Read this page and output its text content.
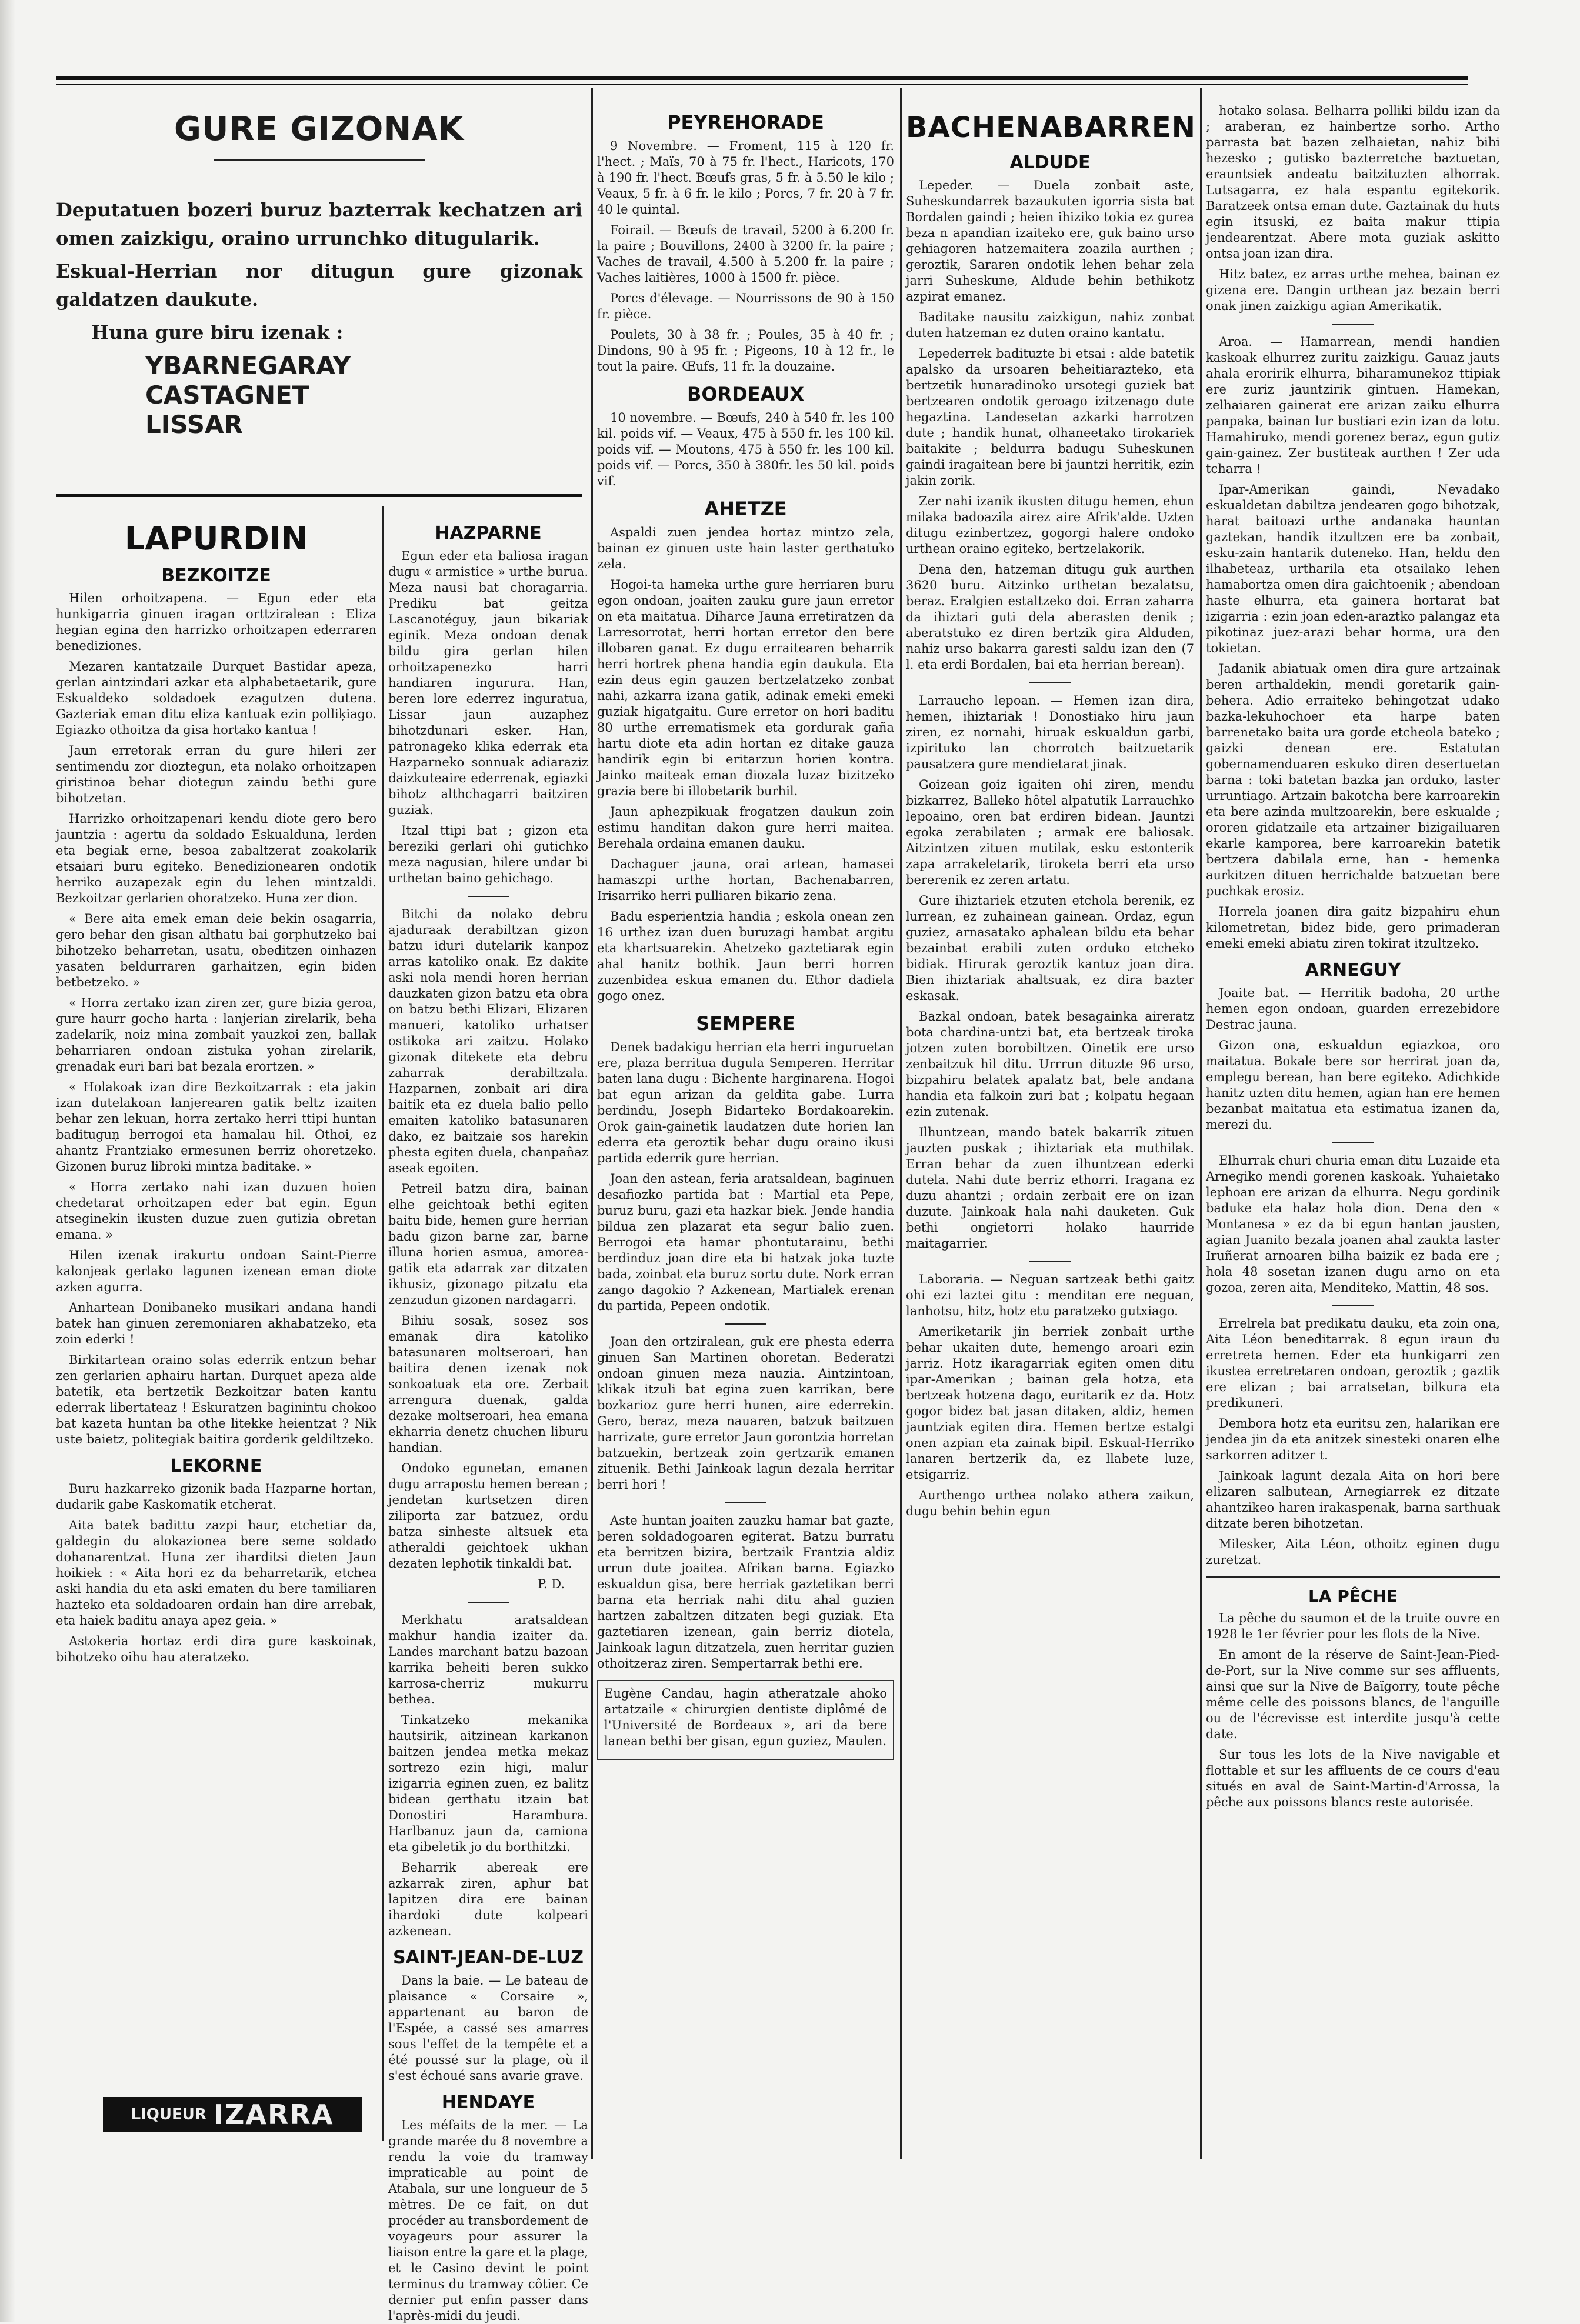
GURE GIZONAK

Deputatuen bozeri buruz bazterrak kechatzen ari omen zaizkigu, oraino urrunchko ditugularik.

Eskual-Herrian nor ditugun gure gizonak galdatzen daukute.

Huna gure biru izenak :

YBARNEGARAY

CASTAGNET

LISSAR

LAPURDIN
BEZKOITZE

Hilen orhoitzapena. — Egun eder eta hunkigarria ginuen iragan orttziralean : Eliza hegian egina den harrizko orhoitzapen ederraren benediziones.

Mezaren kantatzaile Durquet Bastidar apeza, gerlan aintzindari azkar eta alphabetaetarik, gure Eskualdeko soldadoek ezagutzen dutena. Gazteriak eman ditu eliza kantuak ezin polliķiago. Egiazko othoitza da gisa hortako kantua !

Jaun erretorak erran du gure hileri zer sentimendu zor dioztegun, eta nolako orhoitzapen giristinoa behar diotegun zaindu bethi gure bihotzetan.

Harrizko orhoitzapenari kendu diote gero bero jauntzia : agertu da soldado Eskualduna, lerden eta begiak erne, besoa zabaltzerat zoakolarik etsaiari buru egiteko. Benedizionearen ondotik herriko auzapezak egin du lehen mintzaldi. Bezkoitzar gerlarien ohoratzeko. Huna zer dion.

« Bere aita emek eman deie bekin osagarria, gero behar den gisan althatu bai gorphutzeko bai bihotzeko beharretan, usatu, obeditzen oinhazen yasaten beldurraren garhaitzen, egin biden betbetzeko. »

« Horra zertako izan ziren zer, gure bizia geroa, gure haurr gocho harta : lanjerian zirelarik, beha zadelarik, noiz mina zombait yauzkoi zen, ballak beharriaren ondoan zistuka yohan zirelarik, grenadak euri bari bat bezala erortzen. »

« Holakoak izan dire Bezkoitzarrak : eta jakin izan dutelakoan lanjerearen gatik beltz izaiten behar zen lekuan, horra zertako herri ttipi huntan badituguṇ berrogoi eta hamalau hil. Othoi, ez ahantz Frantziako ermesunen berriz ohoretzeko. Gizonen buruz libroki mintza baditake. »

« Horra zertako nahi izan duzuen hoien chedetarat orhoitzapen eder bat egin. Egun atseginekin ikusten duzue zuen gutizia obretan emana. »

Hilen izenak irakurtu ondoan Saint-Pierre kalonjeak gerlako lagunen izenean eman diote azken agurra.

Anhartean Donibaneko musikari andana handi batek han ginuen zeremoniaren akhabatzeko, eta zoin ederki !

Birkitartean oraino solas ederrik entzun behar zen gerlarien aphairu hartan. Durquet apeza alde batetik, eta bertzetik Bezkoitzar baten kantu ederrak libertateaz ! Eskuratzen baginintu chokoo bat kazeta huntan ba othe litekke heientzat ? Nik uste baietz, politegiak baitira gorderik geldiltzeko.

LEKORNE

Buru hazkarreko gizonik bada Hazparne hortan, dudarik gabe Kaskomatik etcherat.

Aita batek badittu zazpi haur, etchetiar da, galdegin du alokazionea bere seme soldado dohanarentzat. Huna zer iharditsi dieten Jaun hoikiek : « Aita hori ez da beharretarik, etchea aski handia du eta aski ematen du bere tamiliaren hazteko eta soldadoaren ordain han dire arrebak, eta haiek baditu anaya apez geia. »

Astokeria hortaz erdi dira gure kaskoinak, bihotzeko oihu hau ateratzeko.

LIQUEUR IZARRA
HAZPARNE

Egun eder eta baliosa iragan dugu « armistice » urthe burua. Meza nausi bat choragarria. Prediku bat geitza Lascanotéguy, jaun bikariak eginik. Meza ondoan denak bildu gira gerlan hilen orhoitzapenezko harri handiaren ingurura. Han, beren lore ederrez inguratua, Lissar jaun auzaphez bihotzdunari esker. Han, patronageko klika ederrak eta Hazparneko sonnuak adiaraziz daizkuteaire ederrenak, egiazki bihotz althchagarri baitziren guziak.

Itzal ttipi bat ; gizon eta bereziki gerlari ohi gutichko meza nagusian, hilere undar bi urthetan baino gehichago.

Bitchi da nolako debru ajaduraak derabiltzan gizon batzu iduri dutelarik kanpoz arras katoliko onak. Ez dakite aski nola mendi horen herrian dauzkaten gizon batzu eta obra on batzu bethi Elizari, Elizaren manueri, katoliko urhatser ostikoka ari zaitzu. Holako gizonak ditekete eta debru zaharrak derabiltzala. Hazparnen, zonbait ari dira baitik eta ez duela balio pello emaiten katoliko batasunaren dako, ez baitzaie sos harekin phesta egiten duela, chanpañaz aseak egoiten.

Petreil batzu dira, bainan elhe geichtoak bethi egiten baitu bide, hemen gure herrian badu gizon barne zar, barne illuna horien asmua, amorea-gatik eta adarrak zar ditzaten ikhusiz, gizonago pitzatu eta zenzudun gizonen nardagarri.

Bihiu sosak, sosez sos emanak dira katoliko batasunaren moltseroari, han baitira denen izenak nok sonkoatuak eta ore. Zerbait arrengura duenak, galda dezake moltseroari, hea emana ekharria denetz chuchen liburu handian.

Ondoko egunetan, emanen dugu arrapostu hemen berean ; jendetan kurtsetzen diren ziliporta zar batzuez, ordu batza sinheste altsuek eta atheraldi geichtoek ukhan dezaten lephotik tinkaldi bat.

P. D.

Merkhatu aratsaldean makhur handia izaiter da. Landes marchant batzu bazoan karrika beheiti beren sukko karrosa-cherriz mukurru bethea.

Tinkatzeko mekanika hautsirik, aitzinean karkanon baitzen jendea metka mekaz sortrezo ezin higi, malur izigarria eginen zuen, ez balitz bidean gerthatu itzain bat Donostiri Harambura. Harlbanuz jaun da, camiona eta gibeletik jo du borthitzki.

Beharrik abereak ere azkarrak ziren, aphur bat lapitzen dira ere bainan ihardoki dute kolpeari azkenean.

SAINT-JEAN-DE-LUZ

Dans la baie. — Le bateau de plaisance « Corsaire », appartenant au baron de l'Espée, a cassé ses amarres sous l'effet de la tempête et a été poussé sur la plage, où il s'est échoué sans avarie grave.

HENDAYE

Les méfaits de la mer. — La grande marée du 8 novembre a rendu la voie du tramway impraticable au point de Atabala, sur une longueur de 5 mètres. De ce fait, on dut procéder au transbordement de voyageurs pour assurer la liaison entre la gare et la plage, et le Casino devint le point terminus du tramway côtier. Ce dernier put enfin passer dans l'après-midi du jeudi.

PEYREHORADE

9 Novembre. — Froment, 115 à 120 fr. l'hect. ; Maïs, 70 à 75 fr. l'hect., Haricots, 170 à 190 fr. l'hect. Bœufs gras, 5 fr. à 5.50 le kilo ; Veaux, 5 fr. à 6 fr. le kilo ; Porcs, 7 fr. 20 à 7 fr. 40 le quintal.

Foirail. — Bœufs de travail, 5200 à 6.200 fr. la paire ; Bouvillons, 2400 à 3200 fr. la paire ; Vaches de travail, 4.500 à 5.200 fr. la paire ; Vaches laitières, 1000 à 1500 fr. pièce.

Porcs d'élevage. — Nourrissons de 90 à 150 fr. pièce.

Poulets, 30 à 38 fr. ; Poules, 35 à 40 fr. ; Dindons, 90 à 95 fr. ; Pigeons, 10 à 12 fr., le tout la paire. Œufs, 11 fr. la douzaine.

BORDEAUX

10 novembre. — Bœufs, 240 à 540 fr. les 100 kil. poids vif. — Veaux, 475 à 550 fr. les 100 kil. poids vif. — Moutons, 475 à 550 fr. les 100 kil. poids vif. — Porcs, 350 à 380fr. les 50 kil. poids vif.

AHETZE

Aspaldi zuen jendea hortaz mintzo zela, bainan ez ginuen uste hain laster gerthatuko zela.

Hogoi-ta hameka urthe gure herriaren buru egon ondoan, joaiten zauku gure jaun erretor on eta maitatua. Diharce Jauna erretiratzen da Larresorrotat, herri hortan erretor den bere illobaren ganat. Ez dugu erraitearen beharrik herri hortrek phena handia egin daukula. Eta ezin deus egin gauzen bertzelatzeko zonbat nahi, azkarra izana gatik, adinak emeki emeki guziak higatgaitu. Gure erretor on hori baditu 80 urthe errematismek eta gordurak gaña hartu diote eta adin hortan ez ditake gauza handirik egin bi eritarzun horien kontra. Jainko maiteak eman diozala luzaz bizitzeko grazia bere bi illobetarik burhil.

Jaun aphezpikuak frogatzen daukun zoin estimu handitan dakon gure herri maitea. Berehala ordaina emanen dauku.

Dachaguer jauna, orai artean, hamasei hamaszpi urthe hortan, Bachenabarren, Irisarriko herri pulliaren bikario zena.

Badu esperientzia handia ; eskola onean zen 16 urthez izan duen buruzagi hambat argitu eta khartsuarekin. Ahetzeko gaztetiarak egin ahal hanitz bothik. Jaun berri horren zuzenbidea eskua emanen du. Ethor dadiela gogo onez.

SEMPERE

Denek badakigu herrian eta herri inguruetan ere, plaza berritua dugula Semperen. Herritar baten lana dugu : Bichente harginarena. Hogoi bat egun arizan da geldita gabe. Lurra berdindu, Joseph Bidarteko Bordakoarekin. Orok gain-gainetik laudatzen dute horien lan ederra eta geroztik behar dugu oraino ikusi partida ederrik gure herrian.

Joan den astean, feria aratsaldean, baginuen desafiozko partida bat : Martial eta Pepe, buruz buru, gazi eta hazkar biek. Jende handia bildua zen plazarat eta segur balio zuen. Berrogoi eta hamar phontutarainu, bethi berdinduz joan dire eta bi hatzak joka tuzte bada, zoinbat eta buruz sortu dute. Nork erran zango dagokio ? Azkenean, Martialek erenan du partida, Pepeen ondotik.

Joan den ortziralean, guk ere phesta ederra ginuen San Martinen ohoretan. Bederatzi ondoan ginuen meza nauzia. Aintzintoan, klikak itzuli bat egina zuen karrikan, bere bozkarioz gure herri hunen, aire ederrekin. Gero, beraz, meza nauaren, batzuk baitzuen harrizate, gure erretor Jaun gorontzia horretan batzuekin, bertzeak zoin gertzarik emanen zituenik. Bethi Jainkoak lagun dezala herritar berri hori !

Aste huntan joaiten zauzku hamar bat gazte, beren soldadogoaren egiterat. Batzu burratu eta berritzen bizira, bertzaik Frantzia aldiz urrun dute joaitea. Afrikan barna. Egiazko eskualdun gisa, bere herriak gaztetikan berri barna eta herriak nahi ditu ahal guzien hartzen zabaltzen ditzaten begi guziak. Eta gaztetiaren izenean, gain berriz diotela, Jainkoak lagun ditzatzela, zuen herritar guzien othoitzeraz ziren. Sempertarrak bethi ere.

Eugène Candau, hagin atheratzale ahoko artatzaile « chirurgien dentiste diplômé de l'Université de Bordeaux », ari da bere lanean bethi ber gisan, egun guziez, Maulen.

BACHENABARREN
ALDUDE

Lepeder. — Duela zonbait aste, Suheskundarrek bazaukuten igorria sista bat Bordalen gaindi ; heien ihiziko tokia ez gurea beza n apandian izaiteko ere, guk baino urso gehiagoren hatzemaitera zoazila aurthen ; geroztik, Sararen ondotik lehen behar zela jarri Suheskune, Aldude behin bethikotz azpirat emanez.

Baditake nausitu zaizkigun, nahiz zonbat duten hatzeman ez duten oraino kantatu.

Lepederrek badituzte bi etsai : alde batetik apalsko da ursoaren beheitiarazteko, eta bertzetik hunaradinoko ursotegi guziek bat bertzearen ondotik geroago izitzenago dute hegaztina. Landesetan azkarki harrotzen dute ; handik hunat, olhaneetako tirokariek baitakite ; beldurra badugu Suheskunen gaindi iragaitean bere bi jauntzi herritik, ezin jakin zorik.

Zer nahi izanik ikusten ditugu hemen, ehun milaka badoazila airez aire Afrik'alde. Uzten ditugu ezinbertzez, gogorgi halere ondoko urthean oraino egiteko, bertzelakorik.

Dena den, hatzeman ditugu guk aurthen 3620 buru. Aitzinko urthetan bezalatsu, beraz. Eralgien estaltzeko doi. Erran zaharra da ihiztari guti dela aberasten denik ; aberatstuko ez diren bertzik gira Alduden, nahiz urso bakarra garesti saldu izan den (7 l. eta erdi Bordalen, bai eta herrian berean).

Larraucho lepoan. — Hemen izan dira, hemen, ihiztariak ! Donostiako hiru jaun ziren, ez nornahi, hiruak eskualdun garbi, izpirituko lan chorrotch baitzuetarik pausatzera gure mendietarat jinak.

Goizean goiz igaiten ohi ziren, mendu bizkarrez, Balleko hôtel alpatutik Larrauchko lepoaino, oren bat erdiren bidean. Jauntzi egoka zerabilaten ; armak ere baliosak. Aitzintzen zituen mutilak, esku estonterik zapa arrakeletarik, tiroketa berri eta urso bererenik ez zeren artatu.

Gure ihiztariek etzuten etchola berenik, ez lurrean, ez zuhainean gainean. Ordaz, egun guziez, arnasatako aphalean bildu eta behar bezainbat erabili zuten orduko etcheko bidiak. Hirurak geroztik kantuz joan dira. Bien ihiztariak ahaltsuak, ez dira bazter eskasak.

Bazkal ondoan, batek besagainka aireratz bota chardina-untzi bat, eta bertzeak tiroka jotzen zuten borobiltzen. Oinetik ere urso zenbaitzuk hil ditu. Urrrun dituzte 96 urso, bizpahiru belatek apalatz bat, bele andana handia eta falkoin zuri bat ; kolpatu hegaan ezin zutenak.

Ilhuntzean, mando batek bakarrik zituen jauzten puskak ; ihiztariak eta muthilak. Erran behar da zuen ilhuntzean ederki dutela. Nahi dute berriz ethorri. Iragana ez duzu ahantzi ; ordain zerbait ere on izan duzute. Jainkoak hala nahi dauketen. Guk bethi ongietorri holako haurride maitagarrier.

Laboraria. — Neguan sartzeak bethi gaitz ohi ezi laztei gitu : menditan ere neguan, lanhotsu, hitz, hotz etu paratzeko gutxiago.

Ameriketarik jin berriek zonbait urthe behar ukaiten dute, hemengo aroari ezin jarriz. Hotz ikaragarriak egiten omen ditu ipar-Amerikan ; bainan gela hotza, eta bertzeak hotzena dago, euritarik ez da. Hotz gogor bidez bat jasan ditaken, aldiz, hemen jauntziak egiten dira. Hemen bertze estalgi onen azpian eta zainak bipil. Eskual-Herriko lanaren bertzerik da, ez llabete luze, etsigarriz.

Aurthengo urthea nolako athera zaikun, dugu behin behin egun

hotako solasa. Belharra polliki bildu izan da ; araberan, ez hainbertze sorho. Artho parrasta bat bazen zelhaietan, nahiz bihi hezesko ; gutisko bazterretche baztuetan, erauntsiek andeatu baitzituzten alhorrak. Lutsagarra, ez hala espantu egitekorik. Baratzeek ontsa eman dute. Gaztainak du huts egin itsuski, ez baita makur ttipia jendearentzat. Abere mota guziak askitto ontsa joan izan dira.

Hitz batez, ez arras urthe mehea, bainan ez gizena ere. Dangin urthean jaz bezain berri onak jinen zaizkigu agian Amerikatik.

Aroa. — Hamarrean, mendi handien kaskoak elhurrez zuritu zaizkigu. Gauaz jauts ahala eroririk elhurra, biharamunekoz ttipiak ere zuriz jauntzirik gintuen. Hamekan, zelhaiaren gainerat ere arizan zaiku elhurra panpaka, bainan lur bustiari ezin izan da lotu. Hamahiruko, mendi gorenez beraz, egun gutiz gain-gainez. Zer bustiteak aurthen ! Zer uda tcharra !

Ipar-Amerikan gaindi, Nevadako eskualdetan dabiltza jendearen gogo bihotzak, harat baitoazi urthe andanaka hauntan gaztekan, handik itzultzen ere ba zonbait, esku-zain hantarik duteneko. Han, heldu den ilhabeteaz, urtharila eta otsailako lehen hamabortza omen dira gaichtoenik ; abendoan haste elhurra, eta gainera hortarat bat izigarria : ezin joan eden-araztko palangaz eta pikotinaz juez-arazi behar horma, ura den tokietan.

Jadanik abiatuak omen dira gure artzainak beren arthaldekin, mendi goretarik gain-behera. Adio erraiteko behingotzat udako bazka-lekuhochoer eta harpe baten barrenetako baita ura gorde etcheola bateko ; gaizki denean ere. Estatutan gobernamenduaren eskuko diren desertuetan barna : toki batetan bazka jan orduko, laster urruntiago. Artzain bakotcha bere karroarekin eta bere azinda multzoarekin, bere eskualde ; ororen gidatzaile eta artzainer bizigailuaren ekarle kamporea, bere karroarekin batetik bertzera dabilala erne, han - hemenka aurkitzen dituen herrichalde batzuetan bere puchkak erosiz.

Horrela joanen dira gaitz bizpahiru ehun kilometretan, bidez bide, gero primaderan emeki emeki abiatu ziren tokirat itzultzeko.

ARNEGUY

Joaite bat. — Herritik badoha, 20 urthe hemen egon ondoan, guarden errezebidore Destrac jauna.

Gizon ona, eskualdun egiazkoa, oro maitatua. Bokale bere sor herrirat joan da, emplegu berean, han bere egiteko. Adichkide hanitz uzten ditu hemen, agian han ere hemen bezanbat maitatua eta estimatua izanen da, merezi du.

Elhurrak churi churia eman ditu Luzaide eta Arnegiko mendi gorenen kaskoak. Yuhaietako lephoan ere arizan da elhurra. Negu gordinik baduke eta halaz hola dion. Dena den « Montanesa » ez da bi egun hantan jausten, agian Juanito bezala joanen ahal zaukta laster Iruñerat arnoaren bilha baizik ez bada ere ; hola 48 sosetan izanen dugu arno on eta gozoa, zeren aita, Menditeko, Mattin, 48 sos.

Errelrela bat predikatu dauku, eta zoin ona, Aita Léon beneditarrak. 8 egun iraun du erretreta hemen. Eder eta hunkigarri zen ikustea erretretaren ondoan, geroztik ; gaztik ere elizan ; bai arratsetan, bilkura eta predikuneri.

Dembora hotz eta euritsu zen, halarikan ere jendea jin da eta anitzek sinesteki onaren elhe sarkorren aditzer t.

Jainkoak lagunt dezala Aita on hori bere elizaren salbutean, Arnegiarrek ez ditzate ahantzikeo haren irakaspenak, barna sarthuak ditzate beren bihotzetan.

Milesker, Aita Léon, othoitz eginen dugu zuretzat.

LA PÊCHE

La pêche du saumon et de la truite ouvre en 1928 le 1er février pour les flots de la Nive.

En amont de la réserve de Saint-Jean-Pied-de-Port, sur la Nive comme sur ses affluents, ainsi que sur la Nive de Baïgorry, toute pêche même celle des poissons blancs, de l'anguille ou de l'écrevisse est interdite jusqu'à cette date.

Sur tous les lots de la Nive navigable et flottable et sur les affluents de ce cours d'eau situés en aval de Saint-Martin-d'Arrossa, la pêche aux poissons blancs reste autorisée.
